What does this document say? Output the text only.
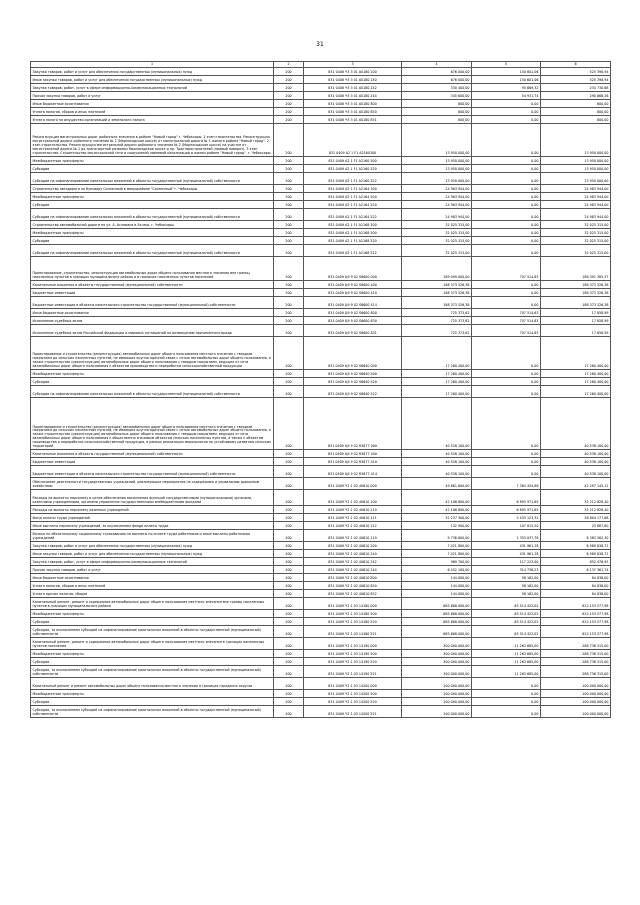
31
1	2	3	4	5	6
Закупка товаров, работ и услуг для обеспечения государственных (муниципальных) нужд	200	831 0408 Ч3 3 01 00180 200	676 000,00	150 601,06	525 398,94
Иные закупки товаров, работ и услуг для обеспечения государственных (муниципальных) нужд	200	831 0408 Ч3 3 01 00180 240	676 000,00	150 601,06	525 398,94
Закупка товаров, работ, услуг в сфере информационно-коммуникационных технологий	200	831 0408 Ч3 3 01 00180 242	330 400,00	95 669,32	234 730,68
Прочая закупка товаров, работ и услуг	200	831 0408 Ч3 3 01 00180 244	345 600,00	54 931,74	290 668,26
Иные бюджетные ассигнования	200	831 0408 Ч3 3 01 00180 800	800,00	0,00	800,00
Уплата налогов, сборов и иных платежей	200	831 0408 Ч3 3 01 00180 850	800,00	0,00	800,00
Уплата налога на имущество организаций и земельного налога	200	831 0408 Ч3 3 01 00180 851	800,00	0,00	800,00
Реконструкция магистральных дорог районного значения в районе "Новый город" г. Чебоксары. 1 этап строительства. Реконструкция магистральной дороги районного значения № 2 (Марпосадское шоссе) от магистральной дороги № 1 жилого района "Новый город". 2 этап строительства. Реконструкция магистральной дороги районного значения № 2 (Марпосадское шоссе) на участке от магистральной дороги № 1 до транспортной развязки Марпосадское шоссе и пр. Тракторостроителей (правый поворот). 3 этап строительства. Строительство магистральной сети и сооружений ливневой канализации в жилом районе "Новый город", г. Чебоксары	200	831 0409 А2 1 F1 A2160300	13 950 000,00	0,00	13 950 000,00
Межбюджетные трансферты	200	831 0409 А2 1 F1 A2160 500	13 950 000,00	0,00	13 950 000,00
Субсидии	200	831 0409 А2 1 F1 A2160 520	13 950 000,00	0,00	13 950 000,00
Субсидии на софинансирование капитальных вложений в объекты государственной (муниципальной) собственности	200	831 0409 А2 1 F1 A2160 522	13 950 000,00	0,00	13 950 000,00
Строительство автодороги по бульвару Солнечный в микрорайоне "Солнечный" г. Чебоксары	200	831 0409 А2 1 F1 A2164 300	24 983 944,00	0,00	24 983 944,00
Межбюджетные трансферты	200	831 0409 А2 1 F1 A2164 500	24 983 944,00	0,00	24 983 944,00
Субсидии	200	831 0409 А2 1 F1 A2164 520	24 983 944,00	0,00	24 983 944,00
Субсидии на софинансирование капитальных вложений в объекты государственной (муниципальной) собственности	200	831 0409 А2 1 F1 A2164 522	24 983 944,00	0,00	24 983 944,00
Строительство автомобильной дороги по ул. А. Асламаса в 5а мкр. г. Чебоксары	200	831 0409 А2 1 F1 A2168 300	32 025 315,00	0,00	32 025 315,00
Межбюджетные трансферты	200	831 0409 А2 1 F1 A2168 500	32 025 315,00	0,00	32 025 315,00
Субсидии	200	831 0409 А2 1 F1 A2168 520	32 025 315,00	0,00	32 025 315,00
Субсидии на софинансирование капитальных вложений в объекты государственной (муниципальной) собственности	200	831 0409 А2 1 F1 A2168 522	32 025 315,00	0,00	32 025 315,00
Проектирование, строительство, реконструкция автомобильных дорог общего пользования местного значения вне границ населенных пунктов в границах муниципального района и в границах населенных пунктов поселений	200	831 0409 Ц9 9 02 S6600 000	189 099 000,00	707 514,63	188 391 385,37
Капитальные вложения в объекты государственной (муниципальной) собственности	200	831 0409 Ц9 9 02 S6600 400	188 373 526,38	0,00	188 373 526,38
Бюджетные инвестиции	200	831 0409 Ц9 9 02 S6600 410	188 373 526,38	0,00	188 373 526,38
Бюджетные инвестиции в объекты капитального строительства государственной (муниципальной) собственности	200	831 0409 Ц9 9 02 S6600 414	188 373 526,38	0,00	188 373 526,38
Иные бюджетные ассигнования	200	831 0409 Ц9 9 02 S6600 800	725 373,62	707 514,63	17 858,99
Исполнение судебных актов	200	831 0409 Ц9 9 02 S6600 830	725 373,62	707 514,63	17 858,99
Исполнение судебных актов Российской Федерации и мировых соглашений по возмещению причиненного вреда	200	831 0409 Ц9 9 02 S6600 831	725 373,62	707 514,63	17 858,99
Проектирование и строительство (реконструкция) автомобильных дорог общего пользования местного значения с твердым покрытием до сельских населенных пунктов, не имеющих круглогодичной связи с сетью автомобильных дорог общего пользования, а также строительство (реконструкция) автомобильных дорог общего пользования с твердым покрытием, ведущих от сети автомобильных дорог общего пользования к объектам производства и переработки сельскохозяйственной продукции	200	831 0409 Ц9 9 02 S6640 000	17 260 400,00	0,00	17 260 400,00
Межбюджетные трансферты	200	831 0409 Ц9 9 02 S6640 500	17 260 400,00	0,00	17 260 400,00
Субсидии	200	831 0409 Ц9 9 02 S6640 520	17 260 400,00	0,00	17 260 400,00
Субсидии на софинансирование капитальных вложений в объекты государственной (муниципальной) собственности	200	831 0409 Ц9 9 02 S6640 522	17 260 400,00	0,00	17 260 400,00
Проектирование и строительство (реконструкция) автомобильных дорог общего пользования местного значения с твердым покрытием до сельских населенных пунктов, не имеющих круглогодичной связи с сетью автомобильных дорог общего пользования, а также строительство (реконструкция) автомобильных дорог общего пользования с твердым покрытием, ведущих от сети автомобильных дорог общего пользования к общественно значимым объектам сельских населенных пунктов, а также к объектам производства и переработки сельскохозяйственной продукции, в рамках реализации мероприятия по устойчивому развитию сельских территорий	200	831 0409 Ц9 9 02 R5677 000	40 538 100,00	0,00	40 538 100,00
Капитальные вложения в объекты государственной (муниципальной) собственности	200	831 0409 Ц9 9 02 R5677 400	40 538 100,00	0,00	40 538 100,00
Бюджетные инвестиции	200	831 0409 Ц9 9 02 R5677 410	40 538 100,00	0,00	40 538 100,00
Бюджетные инвестиции в объекты капитального строительства государственной (муниципальной) собственности	200	831 0409 Ц9 9 02 R5677 414	40 538 100,00	0,00	40 538 100,00
Обеспечение деятельности государственных учреждений, реализующих мероприятия по содержанию и управлению дорожным хозяйством	200	831 0409 Ч2 1 02 40610 000	49 681 600,00	7 384 454,88	42 297 145,12
Расходы на выплаты персоналу в целях обеспечения выполнения функций государственными (муниципальными) органами, казенными учреждениями, органами управления государственными внебюджетными фондами	200	831 0409 Ч2 1 02 40610 100	42 106 800,00	6 893 971,65	35 212 828,40
Расходы на выплаты персоналу казенных учреждений	200	831 0409 Ч2 1 02 40610 110	42 106 800,00	6 893 971,65	35 212 828,40
Фонд оплаты труда учреждений	200	831 0409 Ч2 1 02 40610 111	32 237 300,00	5 433 123,32	26 804 177,68
Иные выплаты персоналу учреждений, за исключением фонда оплаты труда	200	831 0409 Ч2 1 02 40610 112	132 900,00	107 012,20	25 887,80
Взносы по обязательному социальному страхованию на выплаты по оплате труда работников и иные выплаты работникам учреждений	200	831 0409 Ч2 1 02 40610 119	9 736 600,00	1 353 037,78	8 383 562,30
Закупка товаров, работ и услуг для обеспечения государственных (муниципальных) нужд	200	831 0409 Ч2 1 02 40610 200	7 421 800,00	431 961,28	6 989 838,72
Иные закупки товаров, работ и услуг для обеспечения государственных (муниципальных) нужд	200	831 0409 Ч2 1 02 40610 240	7 421 800,00	431 961,28	6 989 838,72
Закупка товаров, работ, услуг в сфере информационно-коммуникационных технологий	200	831 0409 Ч2 1 02 40610 242	969 700,00	117 223,00	852 476,95
Прочая закупка товаров, работ и услуг	200	831 0409 Ч2 1 02 40610 244	6 452 100,00	314 738,23	6 137 361,74
Иные бюджетные ассигнования	200	831 0409 Ч2 1 02 40610 800	144 000,00	58 162,00	84 838,00
Уплата налогов, сборов и иных платежей	200	831 0409 Ч2 1 02 40610 850	144 000,00	58 162,00	84 838,00
Уплата прочих налогов, сборов	200	831 0409 Ч2 1 02 40610 852	144 000,00	58 162,00	84 838,00
Капитальный ремонт, ремонт и содержание автомобильных дорог общего пользования местного значения вне границ населенных пунктов в границах муниципального района	200	831 0409 Ч2 1 03 14180 000	685 668 000,00	63 514 422,02	622 153 577,98
Межбюджетные трансферты	200	831 0409 Ч2 1 03 14180 500	685 668 000,00	63 514 422,02	622 153 577,98
Субсидии	200	831 0409 Ч2 1 03 14180 520	685 668 000,00	63 514 422,02	622 153 577,98
Субсидии, за исключением субсидий на софинансирование капитальных вложений в объекты государственной (муниципальной) собственности	200	831 0409 Ч2 1 03 14180 521	685 668 000,00	63 514 422,02	622 153 577,98
Капитальный ремонт, ремонт и содержание автомобильных дорог общего пользования местного значения в границах населенных пунктов поселения	200	831 0409 Ч2 1 03 14190 000	300 000 000,00	11 263 685,00	288 736 315,00
Межбюджетные трансферты	200	831 0409 Ч2 1 03 14190 500	300 000 000,00	11 263 685,00	288 736 315,00
Субсидии	200	831 0409 Ч2 1 03 14190 520	300 000 000,00	11 263 685,00	288 736 315,00
Субсидии, за исключением субсидий на софинансирование капитальных вложений в объекты государственной (муниципальной) собственности	200	831 0409 Ч2 1 03 14190 521	300 000 000,00	11 263 685,00	288 736 315,00
Капитальный ремонт и ремонт автомобильных дорог общего пользования местного значения в границах городских округов	200	831 0409 Ч2 1 03 14200 000	100 000 000,00	0,00	100 000 000,00
Межбюджетные трансферты	200	831 0409 Ч2 1 03 14200 500	100 000 000,00	0,00	100 000 000,00
Субсидии	200	831 0409 Ч2 1 03 14200 520	100 000 000,00	0,00	100 000 000,00
Субсидии, за исключением субсидий на софинансирование капитальных вложений в объекты государственной (муниципальной) собственности	200	831 0409 Ч2 1 03 14200 521	100 000 000,00	0,00	100 000 000,00
